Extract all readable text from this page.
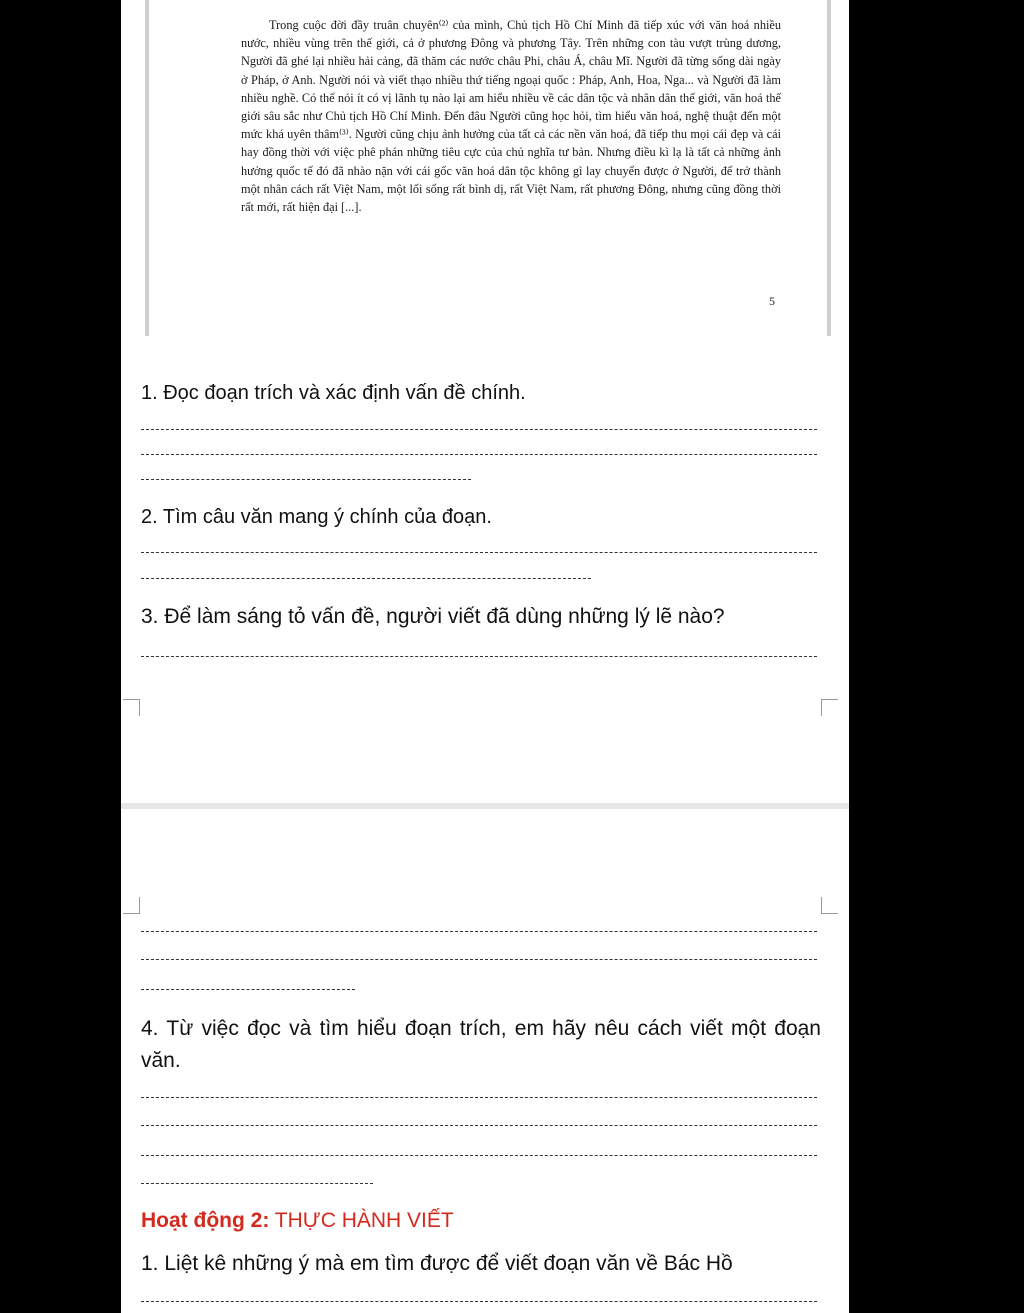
Trong cuộc đời đầy truân chuyên⁽²⁾ của mình, Chủ tịch Hồ Chí Minh đã tiếp xúc với văn hoá nhiều nước, nhiều vùng trên thế giới, cả ở phương Đông và phương Tây. Trên những con tàu vượt trùng dương, Người đã ghé lại nhiều hải cảng, đã thăm các nước châu Phi, châu Á, châu Mĩ. Người đã từng sống dài ngày ở Pháp, ở Anh. Người nói và viết thạo nhiều thứ tiếng ngoại quốc : Pháp, Anh, Hoa, Nga... và Người đã làm nhiều nghề. Có thể nói ít có vị lãnh tụ nào lại am hiểu nhiều về các dân tộc và nhân dân thế giới, văn hoá thế giới sâu sắc như Chủ tịch Hồ Chí Minh. Đến đâu Người cũng học hỏi, tìm hiểu văn hoá, nghệ thuật đến một mức khá uyên thâm⁽³⁾. Người cũng chịu ảnh hưởng của tất cả các nền văn hoá, đã tiếp thu mọi cái đẹp và cái hay đồng thời với việc phê phán những tiêu cực của chủ nghĩa tư bản. Nhưng điều kì lạ là tất cả những ảnh hưởng quốc tế đó đã nhào nặn với cái gốc văn hoá dân tộc không gì lay chuyển được ở Người, để trở thành một nhân cách rất Việt Nam, một lối sống rất bình dị, rất Việt Nam, rất phương Đông, nhưng cũng đồng thời rất mới, rất hiện đại [...].

5
1. Đọc đoạn trích và xác định vấn đề chính.
2. Tìm câu văn mang ý chính của đoạn.
3. Để làm sáng tỏ vấn đề, người viết đã dùng những lý lẽ nào?
4. Từ việc đọc và tìm hiểu đoạn trích, em hãy nêu cách viết một đoạn văn.
Hoạt động 2: THỰC HÀNH VIẾT
1. Liệt kê những ý mà em tìm được để viết đoạn văn về Bác Hồ
